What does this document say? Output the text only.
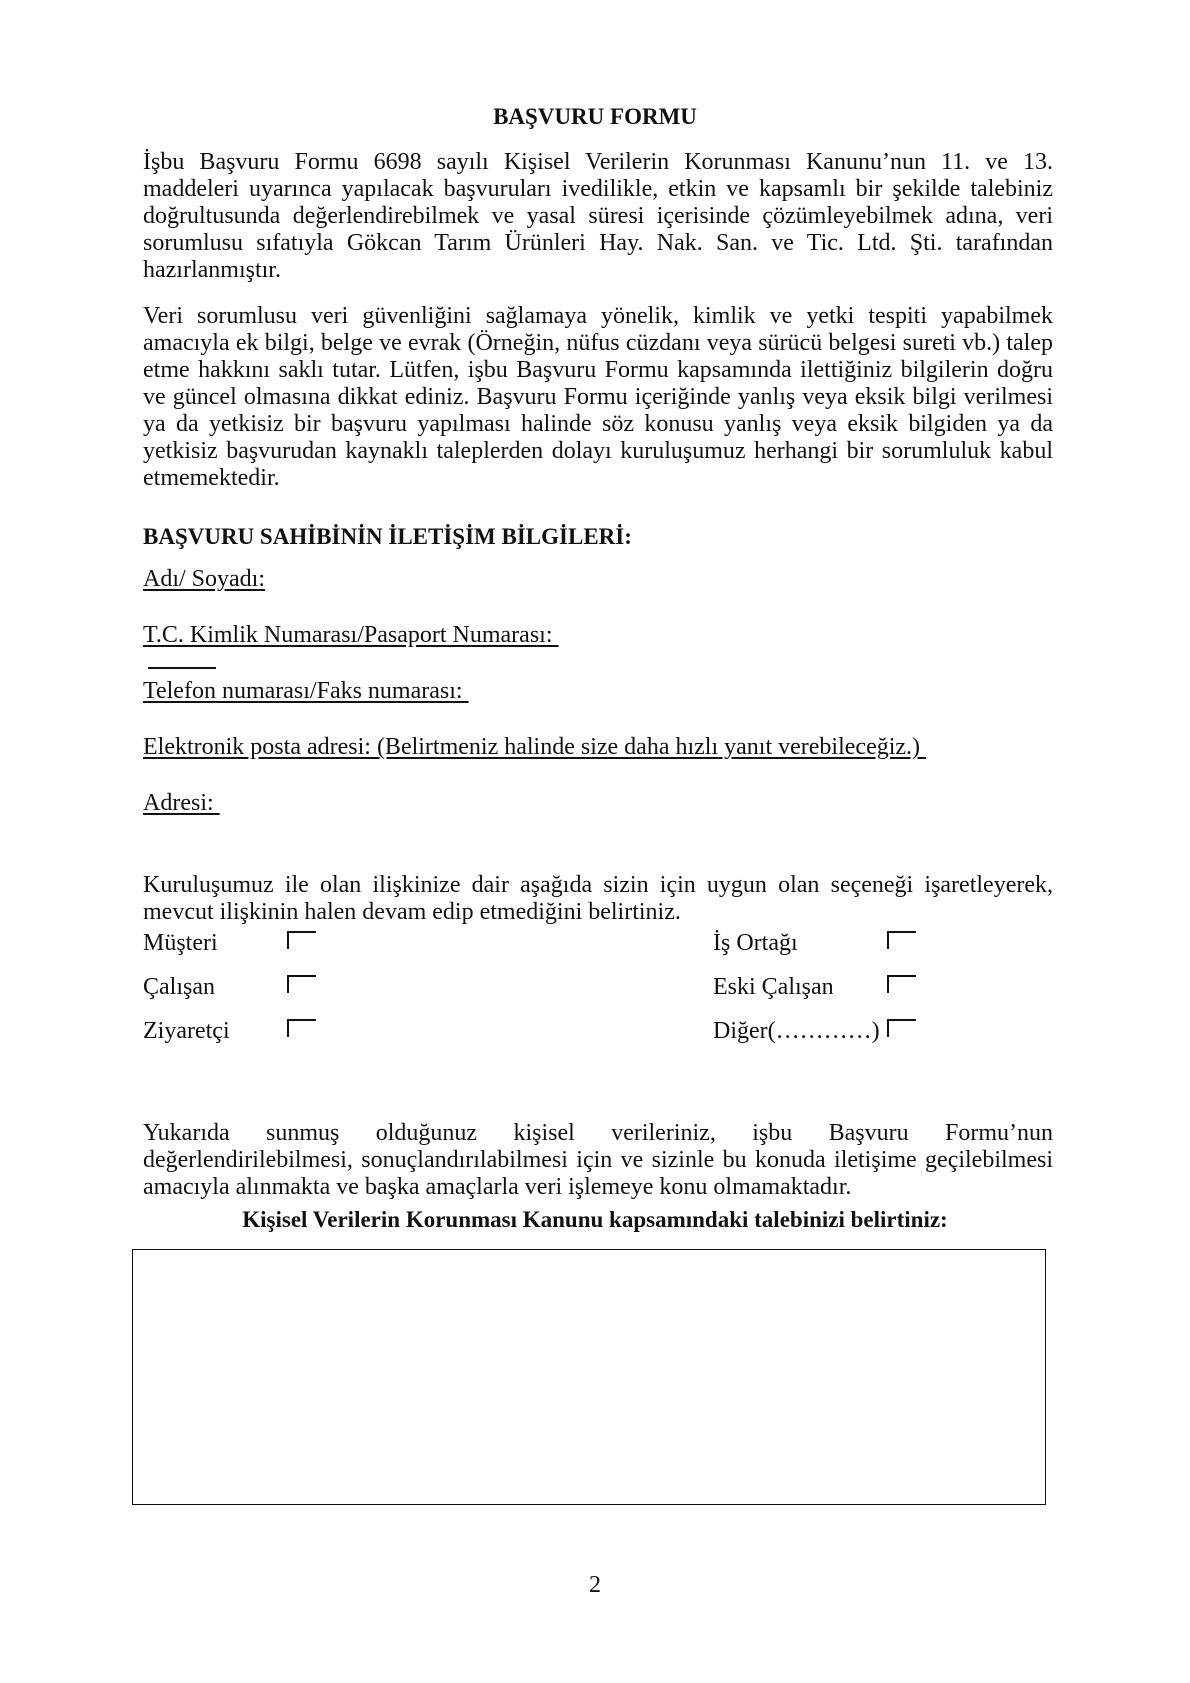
BAŞVURU FORMU

İşbu Başvuru Formu 6698 sayılı Kişisel Verilerin Korunması Kanunu’nun 11. ve 13. maddeleri uyarınca yapılacak başvuruları ivedilikle, etkin ve kapsamlı bir şekilde talebiniz doğrultusunda değerlendirebilmek ve yasal süresi içerisinde çözümleyebilmek adına, veri sorumlusu sıfatıyla Gökcan Tarım Ürünleri Hay. Nak. San. ve Tic. Ltd. Şti. tarafından hazırlanmıştır.

Veri sorumlusu veri güvenliğini sağlamaya yönelik, kimlik ve yetki tespiti yapabilmek amacıyla ek bilgi, belge ve evrak (Örneğin, nüfus cüzdanı veya sürücü belgesi sureti vb.) talep etme hakkını saklı tutar. Lütfen, işbu Başvuru Formu kapsamında ilettiğiniz bilgilerin doğru ve güncel olmasına dikkat ediniz. Başvuru Formu içeriğinde yanlış veya eksik bilgi verilmesi ya da yetkisiz bir başvuru yapılması halinde söz konusu yanlış veya eksik bilgiden ya da yetkisiz başvurudan kaynaklı taleplerden dolayı kuruluşumuz herhangi bir sorumluluk kabul etmemektedir.

BAŞVURU SAHİBİNİN İLETİŞİM BİLGİLERİ:
Adı/ Soyadı:
T.C. Kimlik Numarası/Pasaport Numarası:
Telefon numarası/Faks numarası:
Elektronik posta adresi: (Belirtmeniz halinde size daha hızlı yanıt verebileceğiz.)
Adresi:

Kuruluşumuz ile olan ilişkinize dair aşağıda sizin için uygun olan seçeneği işaretleyerek, mevcut ilişkinin halen devam edip etmediğini belirtiniz.

Müşteri
Çalışan
Ziyaretçi
İş Ortağı
Eski Çalışan
Diğer(…………)

Yukarıda sunmuş olduğunuz kişisel verileriniz, işbu Başvuru Formu’nun
değerlendirilebilmesi, sonuçlandırılabilmesi için ve sizinle bu konuda iletişime geçilebilmesi amacıyla alınmakta ve başka amaçlarla veri işlemeye konu olmamaktadır.

Kişisel Verilerin Korunması Kanunu kapsamındaki talebinizi belirtiniz:
2
